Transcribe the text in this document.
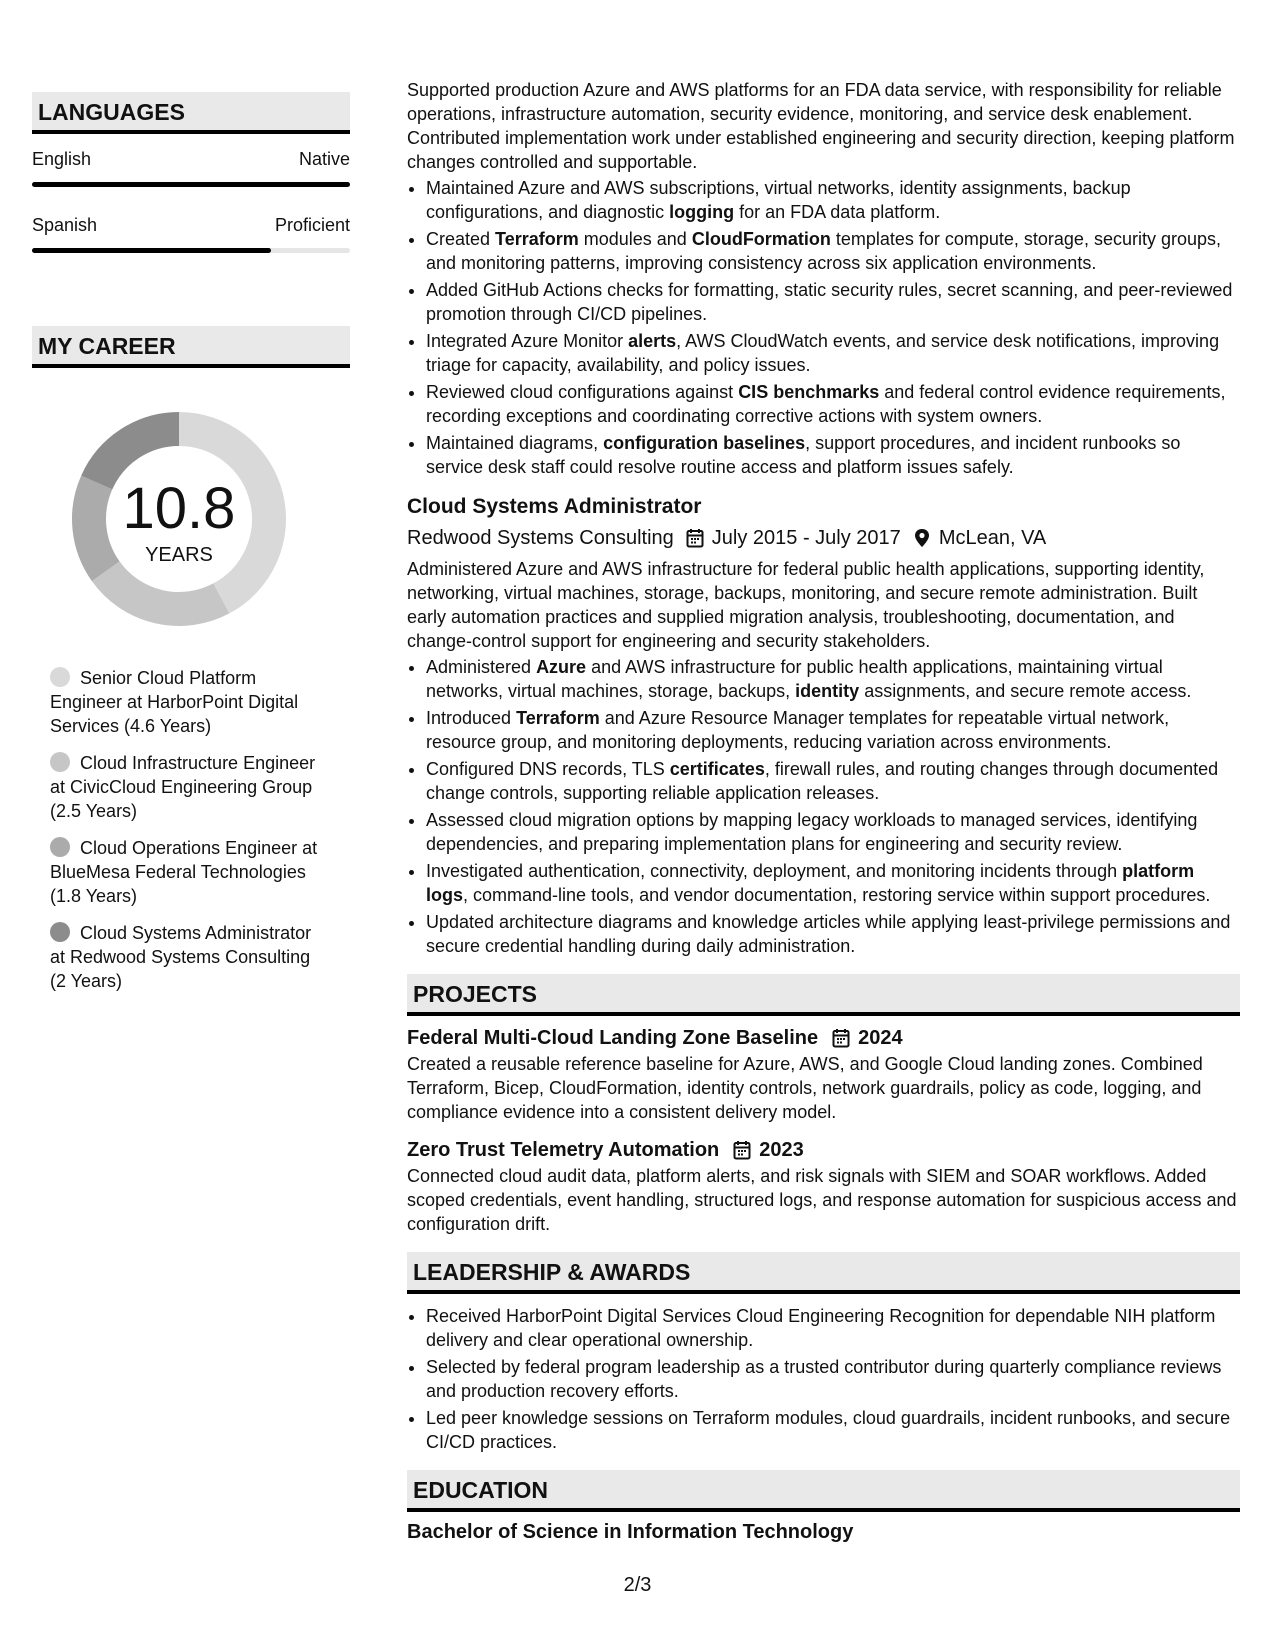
LANGUAGES
English	Native
Spanish	Proficient
MY CAREER
10.8
YEARS
Senior Cloud Platform Engineer at HarborPoint Digital Services (4.6 Years)
Cloud Infrastructure Engineer at CivicCloud Engineering Group (2.5 Years)
Cloud Operations Engineer at BlueMesa Federal Technologies (1.8 Years)
Cloud Systems Administrator at Redwood Systems Consulting (2 Years)

Supported production Azure and AWS platforms for an FDA data service, with responsibility for reliable operations, infrastructure automation, security evidence, monitoring, and service desk enablement. Contributed implementation work under established engineering and security direction, keeping platform changes controlled and supportable.

• Maintained Azure and AWS subscriptions, virtual networks, identity assignments, backup configurations, and diagnostic logging for an FDA data platform.
• Created Terraform modules and CloudFormation templates for compute, storage, security groups, and monitoring patterns, improving consistency across six application environments.
• Added GitHub Actions checks for formatting, static security rules, secret scanning, and peer-reviewed promotion through CI/CD pipelines.
• Integrated Azure Monitor alerts, AWS CloudWatch events, and service desk notifications, improving triage for capacity, availability, and policy issues.
• Reviewed cloud configurations against CIS benchmarks and federal control evidence requirements, recording exceptions and coordinating corrective actions with system owners.
• Maintained diagrams, configuration baselines, support procedures, and incident runbooks so service desk staff could resolve routine access and platform issues safely.
Cloud Systems Administrator
Redwood Systems Consulting July 2015 - July 2017 McLean, VA

Administered Azure and AWS infrastructure for federal public health applications, supporting identity, networking, virtual machines, storage, backups, monitoring, and secure remote administration. Built early automation practices and supplied migration analysis, troubleshooting, documentation, and change-control support for engineering and security stakeholders.

• Administered Azure and AWS infrastructure for public health applications, maintaining virtual networks, virtual machines, storage, backups, identity assignments, and secure remote access.
• Introduced Terraform and Azure Resource Manager templates for repeatable virtual network, resource group, and monitoring deployments, reducing variation across environments.
• Configured DNS records, TLS certificates, firewall rules, and routing changes through documented change controls, supporting reliable application releases.
• Assessed cloud migration options by mapping legacy workloads to managed services, identifying dependencies, and preparing implementation plans for engineering and security review.
• Investigated authentication, connectivity, deployment, and monitoring incidents through platform logs, command-line tools, and vendor documentation, restoring service within support procedures.
• Updated architecture diagrams and knowledge articles while applying least-privilege permissions and secure credential handling during daily administration.
PROJECTS
Federal Multi-Cloud Landing Zone Baseline 2024

Created a reusable reference baseline for Azure, AWS, and Google Cloud landing zones. Combined Terraform, Bicep, CloudFormation, identity controls, network guardrails, policy as code, logging, and compliance evidence into a consistent delivery model.

Zero Trust Telemetry Automation 2023

Connected cloud audit data, platform alerts, and risk signals with SIEM and SOAR workflows. Added scoped credentials, event handling, structured logs, and response automation for suspicious access and configuration drift.

LEADERSHIP & AWARDS
• Received HarborPoint Digital Services Cloud Engineering Recognition for dependable NIH platform delivery and clear operational ownership.
• Selected by federal program leadership as a trusted contributor during quarterly compliance reviews and production recovery efforts.
• Led peer knowledge sessions on Terraform modules, cloud guardrails, incident runbooks, and secure CI/CD practices.
EDUCATION
Bachelor of Science in Information Technology
2/3
